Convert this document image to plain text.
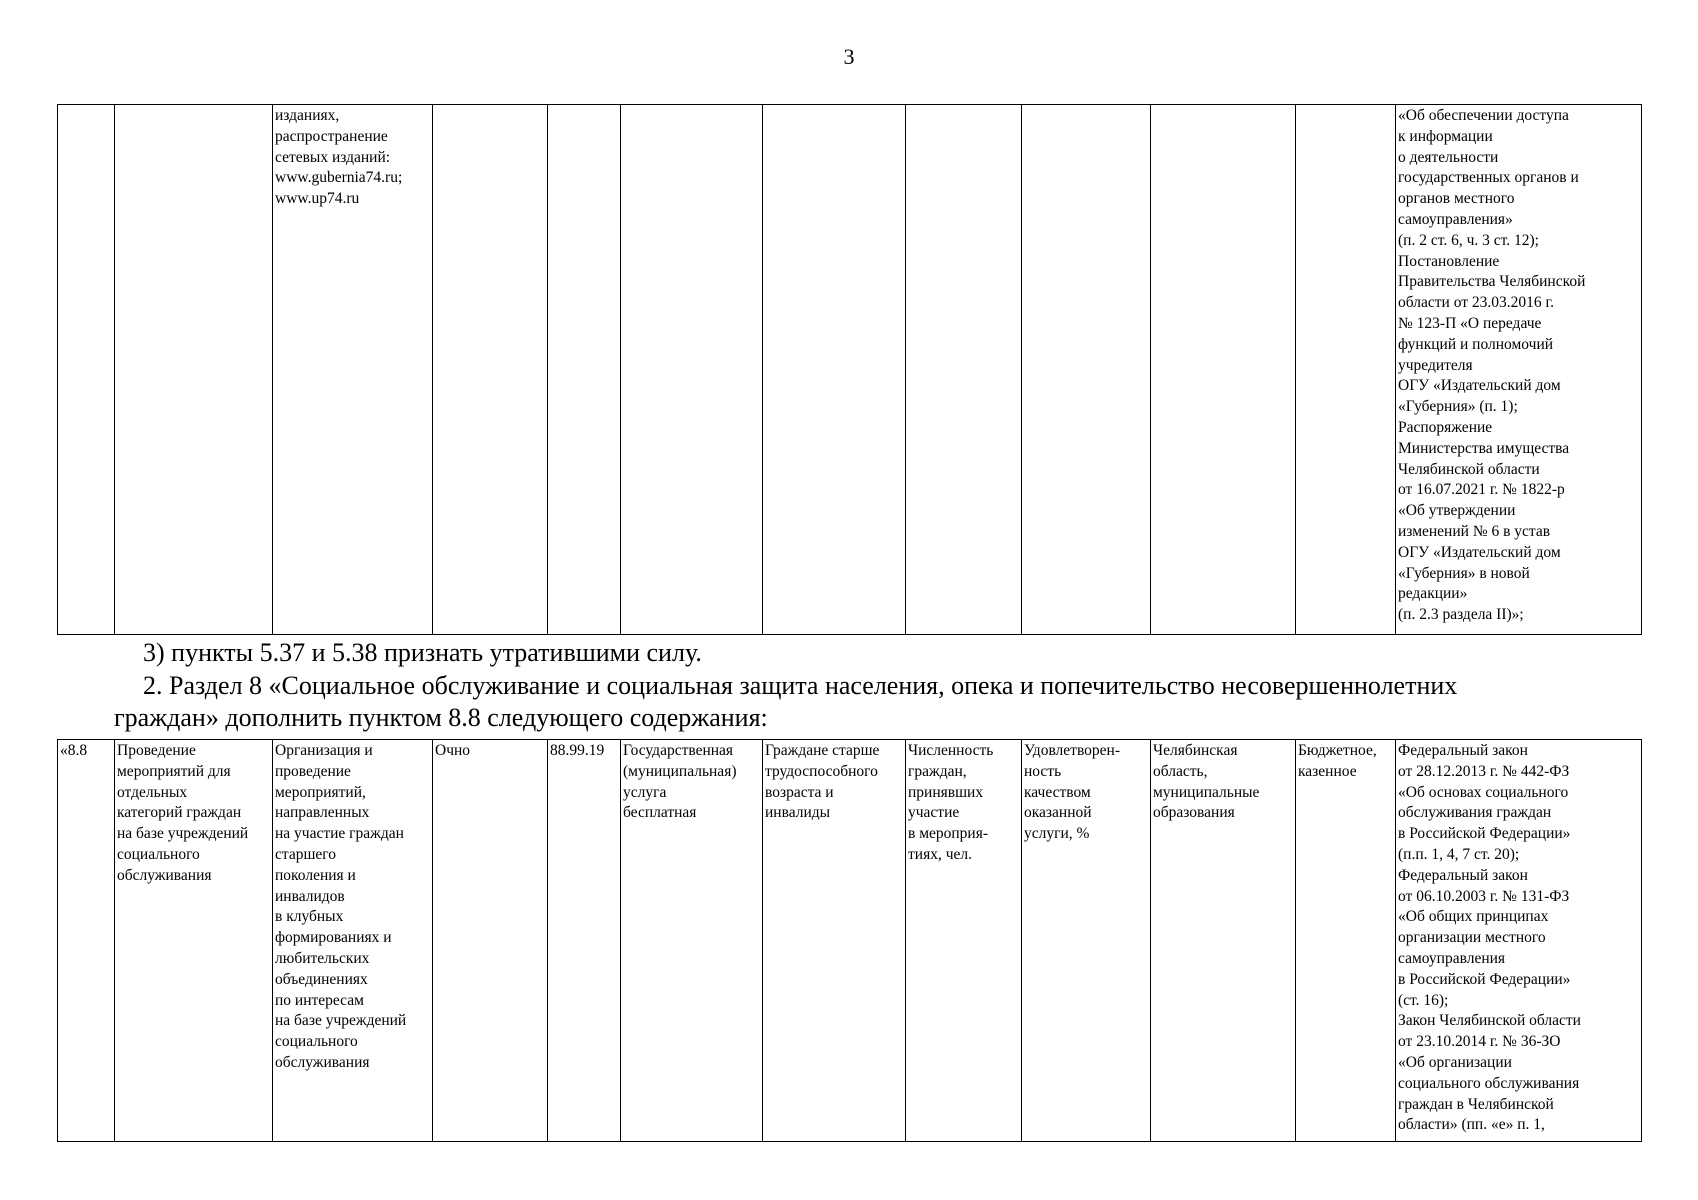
3
		изданиях,
распространение
сетевых изданий:
www.gubernia74.ru;
www.up74.ru									«Об обеспечении доступа
к информации
о деятельности
государственных органов и
органов местного
самоуправления»
(п. 2 ст. 6, ч. 3 ст. 12);
Постановление
Правительства Челябинской
области от 23.03.2016 г.
№ 123-П «О передаче
функций и полномочий
учредителя
ОГУ «Издательский дом
«Губерния» (п. 1);
Распоряжение
Министерства имущества
Челябинской области
от 16.07.2021 г. № 1822-р
«Об утверждении
изменений № 6 в устав
ОГУ «Издательский дом
«Губерния» в новой
редакции»
(п. 2.3 раздела II)»;

3) пункты 5.37 и 5.38 признать утратившими силу.

2. Раздел 8 «Социальное обслуживание и социальная защита населения, опека и попечительство несовершеннолетних

граждан» дополнить пунктом 8.8 следующего содержания:

«8.8	Проведение
мероприятий для
отдельных
категорий граждан
на базе учреждений
социального
обслуживания	Организация и
проведение
мероприятий,
направленных
на участие граждан
старшего
поколения и
инвалидов
в клубных
формированиях и
любительских
объединениях
по интересам
на базе учреждений
социального
обслуживания	Очно	88.99.19	Государственная
(муниципальная)
услуга
бесплатная	Граждане старше
трудоспособного
возраста и
инвалиды	Численность
граждан,
принявших
участие
в мероприя-
тиях, чел.	Удовлетворен-
ность
качеством
оказанной
услуги, %	Челябинская
область,
муниципальные
образования	Бюджетное,
казенное	Федеральный закон
от 28.12.2013 г. № 442-ФЗ
«Об основах социального
обслуживания граждан
в Российской Федерации»
(п.п. 1, 4, 7 ст. 20);
Федеральный закон
от 06.10.2003 г. № 131-ФЗ
«Об общих принципах
организации местного
самоуправления
в Российской Федерации»
(ст. 16);
Закон Челябинской области
от 23.10.2014 г. № 36-ЗО
«Об организации
социального обслуживания
граждан в Челябинской
области» (пп. «е» п. 1,
